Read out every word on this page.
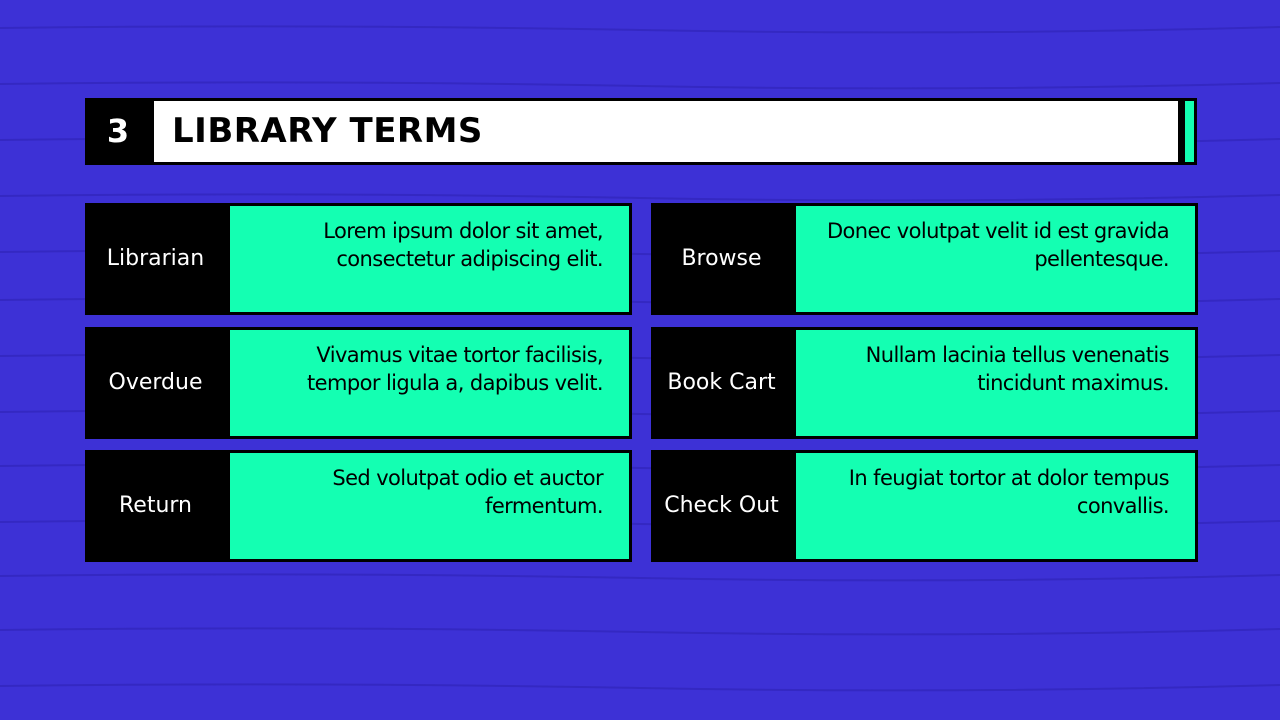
3	LIBRARY TERMS
Librarian
Lorem ipsum dolor sit amet, consectetur adipiscing elit.	Browse
Donec volutpat velit id est gravida pellentesque.
Overdue
Vivamus vitae tortor facilisis, tempor ligula a, dapibus velit.	Book Cart
Nullam lacinia tellus venenatis tincidunt maximus.
Return
Sed volutpat odio et auctor fermentum.	Check Out
In feugiat tortor at dolor tempus convallis.
